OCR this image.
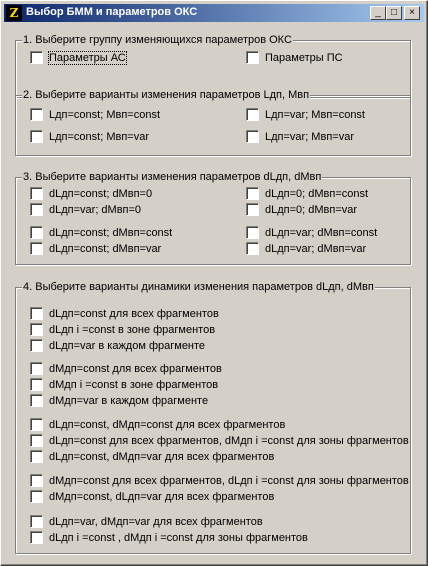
Z Выбор БММ и параметров ОКС	_	□	×
1. Выберите группу изменяющихся параметров ОКС
Параметры АС	Параметры ПС
2. Выберите варианты изменения параметров Lдп, Мвп
Lдп=const; Мвп=const	Lдп=var; Мвп=const
Lдп=const; Мвп=var	Lдп=var; Мвп=var
3. Выберите варианты изменения параметров dLдп, dМвп
dLдп=const; dМвп=0	dLдп=0; dМвп=const
dLдп=var; dМвп=0	dLдп=0; dМвп=var
dLдп=const; dМвп=const	dLдп=var; dМвп=const
dLдп=const; dМвп=var	dLдп=var; dМвп=var
4. Выберите варианты динамики изменения параметров dLдп, dМвп
dLдп=const для всех фрагментов
dLдп i =const в зоне фрагментов
dLдп=var в каждом фрагменте
dМдп=const для всех фрагментов
dМдп i =const в зоне фрагментов
dМдп=var в каждом фрагменте
dLдп=const, dМдп=const для всех фрагментов
dLдп=const для всех фрагментов, dМдп i =const для зоны фрагментов
dLдп=const, dМдп=var для всех фрагментов
dМдп=const для всех фрагментов, dLдп i =const для зоны фрагментов
dМдп=const, dLдп=var для всех фрагментов
dLдп=var, dМдп=var для всех фрагментов
dLдп i =const , dМдп i =const для зоны фрагментов
